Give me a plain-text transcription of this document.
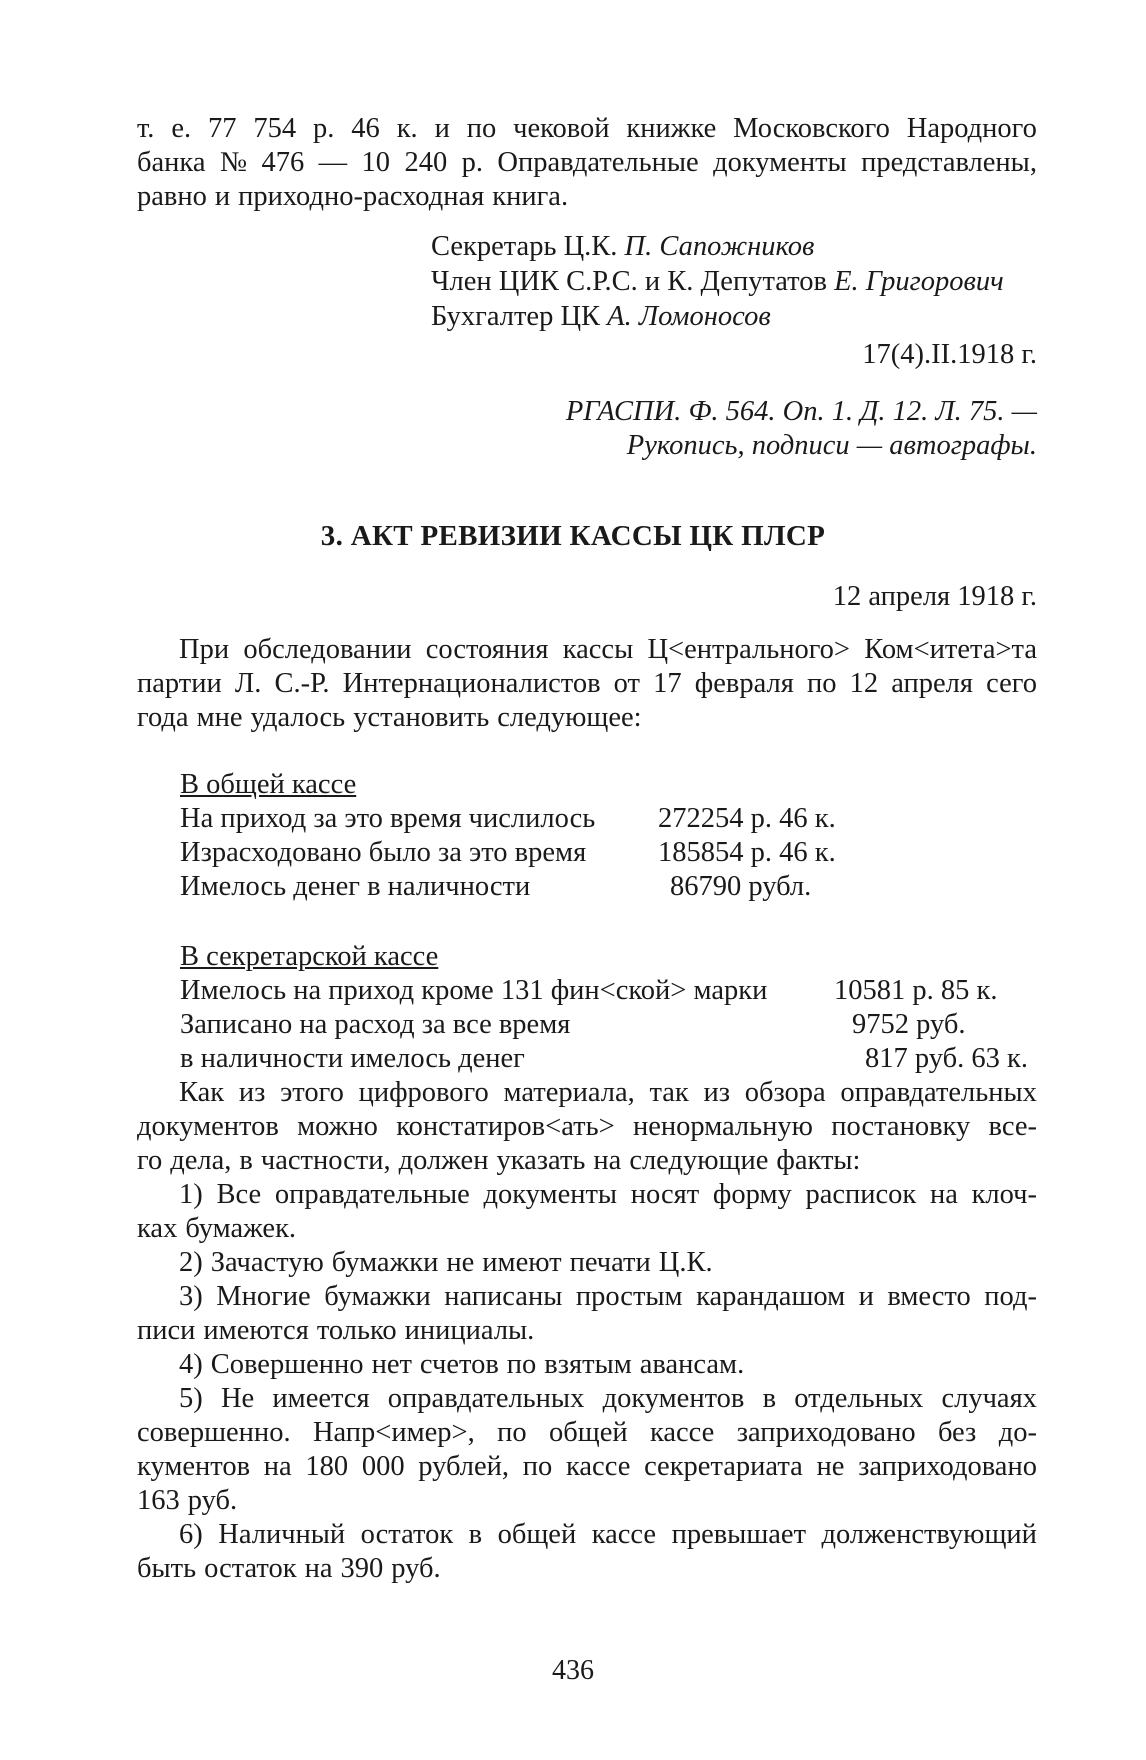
т. е. 77 754 р. 46 к. и по чековой книжке Московского Народного
банка № 476 — 10 240 р. Оправдательные документы представлены,
равно и приходно-расходная книга.
Секретарь Ц.К. П. Сапожников
Член ЦИК С.Р.С. и К. Депутатов Е. Григорович
Бухгалтер ЦК А. Ломоносов
17(4).II.1918 г.
РГАСПИ. Ф. 564. Оп. 1. Д. 12. Л. 75. —
Рукопись, подписи — автографы.
3. АКТ РЕВИЗИИ КАССЫ ЦК ПЛСР
12 апреля 1918 г.
При обследовании состояния кассы Ц<ентрального> Ком<итета>та
партии Л. С.-Р. Интернационалистов от 17 февраля по 12 апреля сего
года мне удалось установить следующее:
В общей кассе
На приход за это время числилось 272254 р. 46 к.
Израсходовано было за это время	185854 р. 46 к.
Имелось денег в наличности	86790 рубл.
В секретарской кассе
Имелось на приход кроме 131 фин<ской> марки 10581 р. 85 к.
Записано на расход за все время	9752 руб.
в наличности имелось денег	817 руб. 63 к.
Как из этого цифрового материала, так из обзора оправдательных
документов можно констатиров<ать> ненормальную постановку все-
го дела, в частности, должен указать на следующие факты:
1) Все оправдательные документы носят форму расписок на клоч-
ках бумажек.
2) Зачастую бумажки не имеют печати Ц.К.
3) Многие бумажки написаны простым карандашом и вместо под-
писи имеются только инициалы.
4) Совершенно нет счетов по взятым авансам.
5) Не имеется оправдательных документов в отдельных случаях
совершенно. Напр<имер>, по общей кассе заприходовано без до-
кументов на 180 000 рублей, по кассе секретариата не заприходовано
163 руб.
6) Наличный остаток в общей кассе превышает долженствующий
быть остаток на 390 руб.
436
